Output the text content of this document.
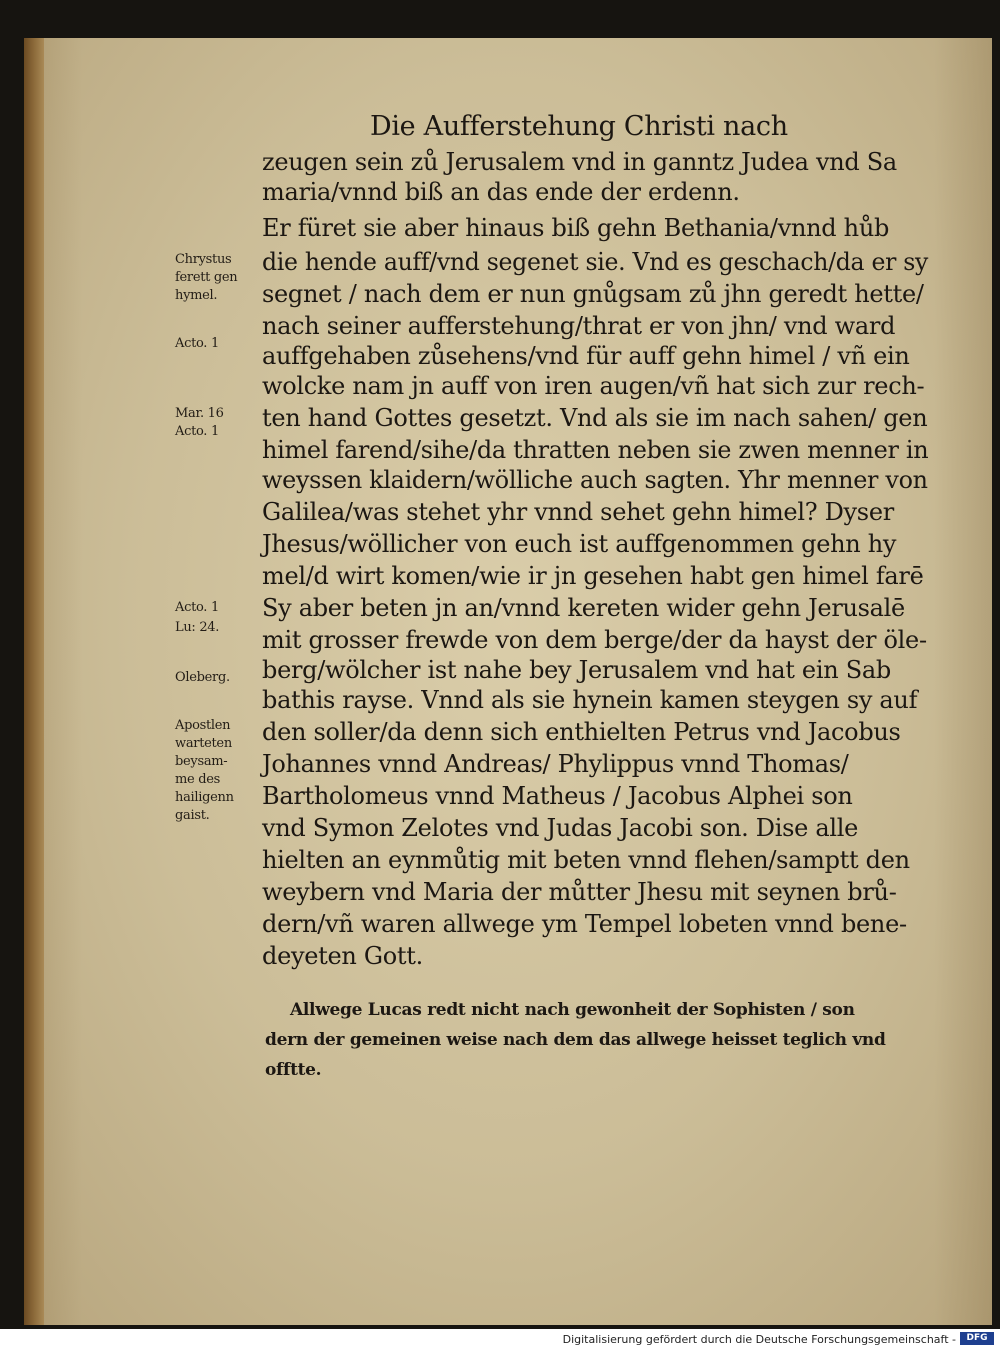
Die Aufferstehung Christi nach

zeugen sein zů Jerusalem vnd in ganntz Judea vnd Sa

maria/vnnd biß an das ende der erdenn.

Er füret sie aber hinaus biß gehn Bethania/vnnd hůb

die hende auff/vnd segenet sie. Vnd es geschach/da er sy

segnet / nach dem er nun gnůgsam zů jhn geredt hette/

nach seiner aufferstehung/thrat er von jhn/ vnd ward

auffgehaben zůsehens/vnd für auff gehn himel / vñ ein

wolcke nam jn auff von iren augen/vñ hat sich zur rech-

ten hand Gottes gesetzt. Vnd als sie im nach sahen/ gen

himel farend/sihe/da thratten neben sie zwen menner in

weyssen klaidern/wölliche auch sagten. Yhr menner von

Galilea/was stehet yhr vnnd sehet gehn himel? Dyser

Jhesus/wöllicher von euch ist auffgenommen gehn hy

mel/d wirt komen/wie ir jn gesehen habt gen himel farē

Sy aber beten jn an/vnnd kereten wider gehn Jerusalē

mit grosser frewde von dem berge/der da hayst der öle-

berg/wölcher ist nahe bey Jerusalem vnd hat ein Sab

bathis rayse. Vnnd als sie hynein kamen steygen sy auf

den soller/da denn sich enthielten Petrus vnd Jacobus

Johannes vnnd Andreas/ Phylippus vnnd Thomas/

Bartholomeus vnnd Matheus / Jacobus Alphei son

vnd Symon Zelotes vnd Judas Jacobi son. Dise alle

hielten an eynmůtig mit beten vnnd flehen/samptt den

weybern vnd Maria der můtter Jhesu mit seynen brů-

dern/vñ waren allwege ym Tempel lobeten vnnd bene-

deyeten Gott.

Chrystus

ferett gen

hymel.

Acto. 1

Mar. 16

Acto. 1

Acto. 1

Lu: 24.

Oleberg.

Apostlen

warteten

beysam-

me des

hailigenn

gaist.

Allwege Lucas redt nicht nach gewonheit der Sophisten / son

dern der gemeinen weise nach dem das allwege heisset teglich vnd

offtte.

Digitalisierung gefördert durch die Deutsche Forschungsgemeinschaft -	DFG
